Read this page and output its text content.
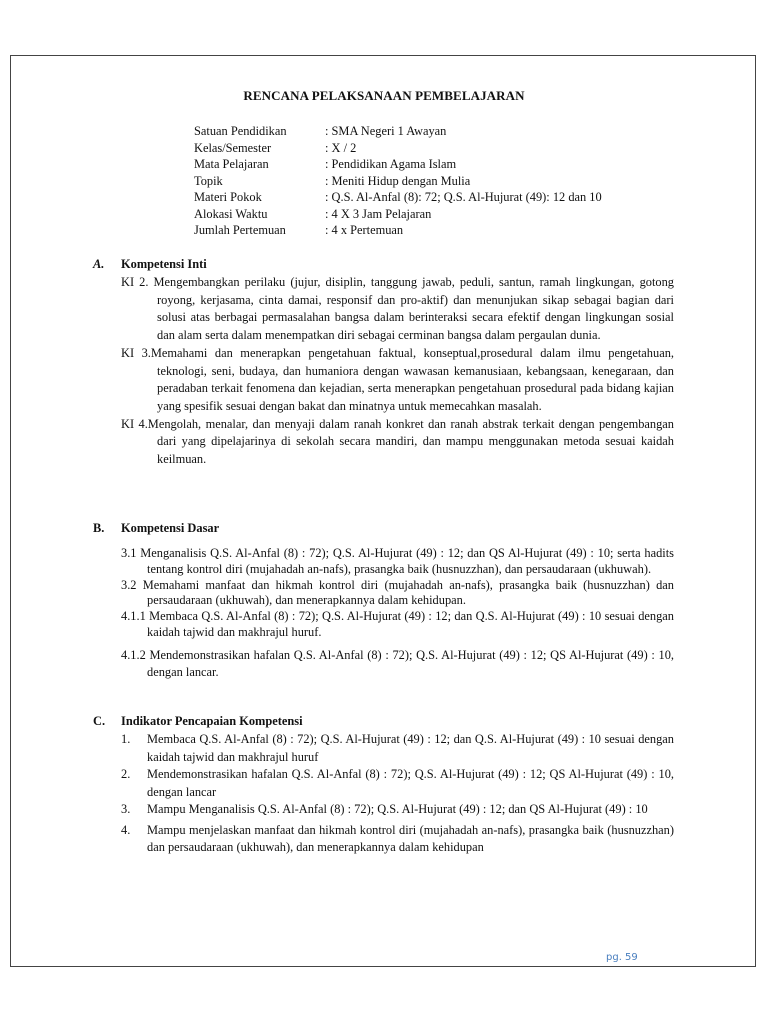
RENCANA PELAKSANAAN PEMBELAJARAN
Satuan Pendidikan	: SMA Negeri 1 Awayan
Kelas/Semester	: X / 2
Mata Pelajaran	: Pendidikan Agama Islam
Topik	: Meniti Hidup dengan Mulia
Materi Pokok	: Q.S. Al-Anfal (8): 72; Q.S. Al-Hujurat (49): 12 dan 10
Alokasi Waktu	: 4 X 3 Jam Pelajaran
Jumlah Pertemuan	: 4 x Pertemuan
A. Kompetensi Inti

KI 2. Mengembangkan perilaku (jujur, disiplin, tanggung jawab, peduli, santun, ramah lingkungan, gotong royong, kerjasama, cinta damai, responsif dan pro-aktif) dan menunjukan sikap sebagai bagian dari solusi atas berbagai permasalahan bangsa dalam berinteraksi secara efektif dengan lingkungan sosial dan alam serta dalam menempatkan diri sebagai cerminan bangsa dalam pergaulan dunia.

KI 3.Memahami dan menerapkan pengetahuan faktual, konseptual,prosedural dalam ilmu pengetahuan, teknologi, seni, budaya, dan humaniora dengan wawasan kemanusiaan, kebangsaan, kenegaraan, dan peradaban terkait fenomena dan kejadian, serta menerapkan pengetahuan prosedural pada bidang kajian yang spesifik sesuai dengan bakat dan minatnya untuk memecahkan masalah.

KI 4.Mengolah, menalar, dan menyaji dalam ranah konkret dan ranah abstrak terkait dengan pengembangan dari yang dipelajarinya di sekolah secara mandiri, dan mampu menggunakan metoda sesuai kaidah keilmuan.

B. Kompetensi Dasar

3.1 Menganalisis Q.S. Al-Anfal (8) : 72); Q.S. Al-Hujurat (49) : 12; dan QS Al-Hujurat (49) : 10; serta hadits tentang kontrol diri (mujahadah an-nafs), prasangka baik (husnuzzhan), dan persaudaraan (ukhuwah).

3.2 Memahami manfaat dan hikmah kontrol diri (mujahadah an-nafs), prasangka baik (husnuzzhan) dan persaudaraan (ukhuwah), dan menerapkannya dalam kehidupan.

4.1.1 Membaca Q.S. Al-Anfal (8) : 72); Q.S. Al-Hujurat (49) : 12; dan Q.S. Al-Hujurat (49) : 10 sesuai dengan kaidah tajwid dan makhrajul huruf.

4.1.2 Mendemonstrasikan hafalan Q.S. Al-Anfal (8) : 72); Q.S. Al-Hujurat (49) : 12; QS Al-Hujurat (49) : 10, dengan lancar.

C. Indikator Pencapaian Kompetensi
1.	Membaca Q.S. Al-Anfal (8) : 72); Q.S. Al-Hujurat (49) : 12; dan Q.S. Al-Hujurat (49) : 10 sesuai dengan kaidah tajwid dan makhrajul huruf
2.	Mendemonstrasikan hafalan Q.S. Al-Anfal (8) : 72); Q.S. Al-Hujurat (49) : 12; QS Al-Hujurat (49) : 10, dengan lancar
3.	Mampu Menganalisis Q.S. Al-Anfal (8) : 72); Q.S. Al-Hujurat (49) : 12; dan QS Al-Hujurat (49) : 10
4.	Mampu menjelaskan manfaat dan hikmah kontrol diri (mujahadah an-nafs), prasangka baik (husnuzzhan) dan persaudaraan (ukhuwah), dan menerapkannya dalam kehidupan
pg. 59
